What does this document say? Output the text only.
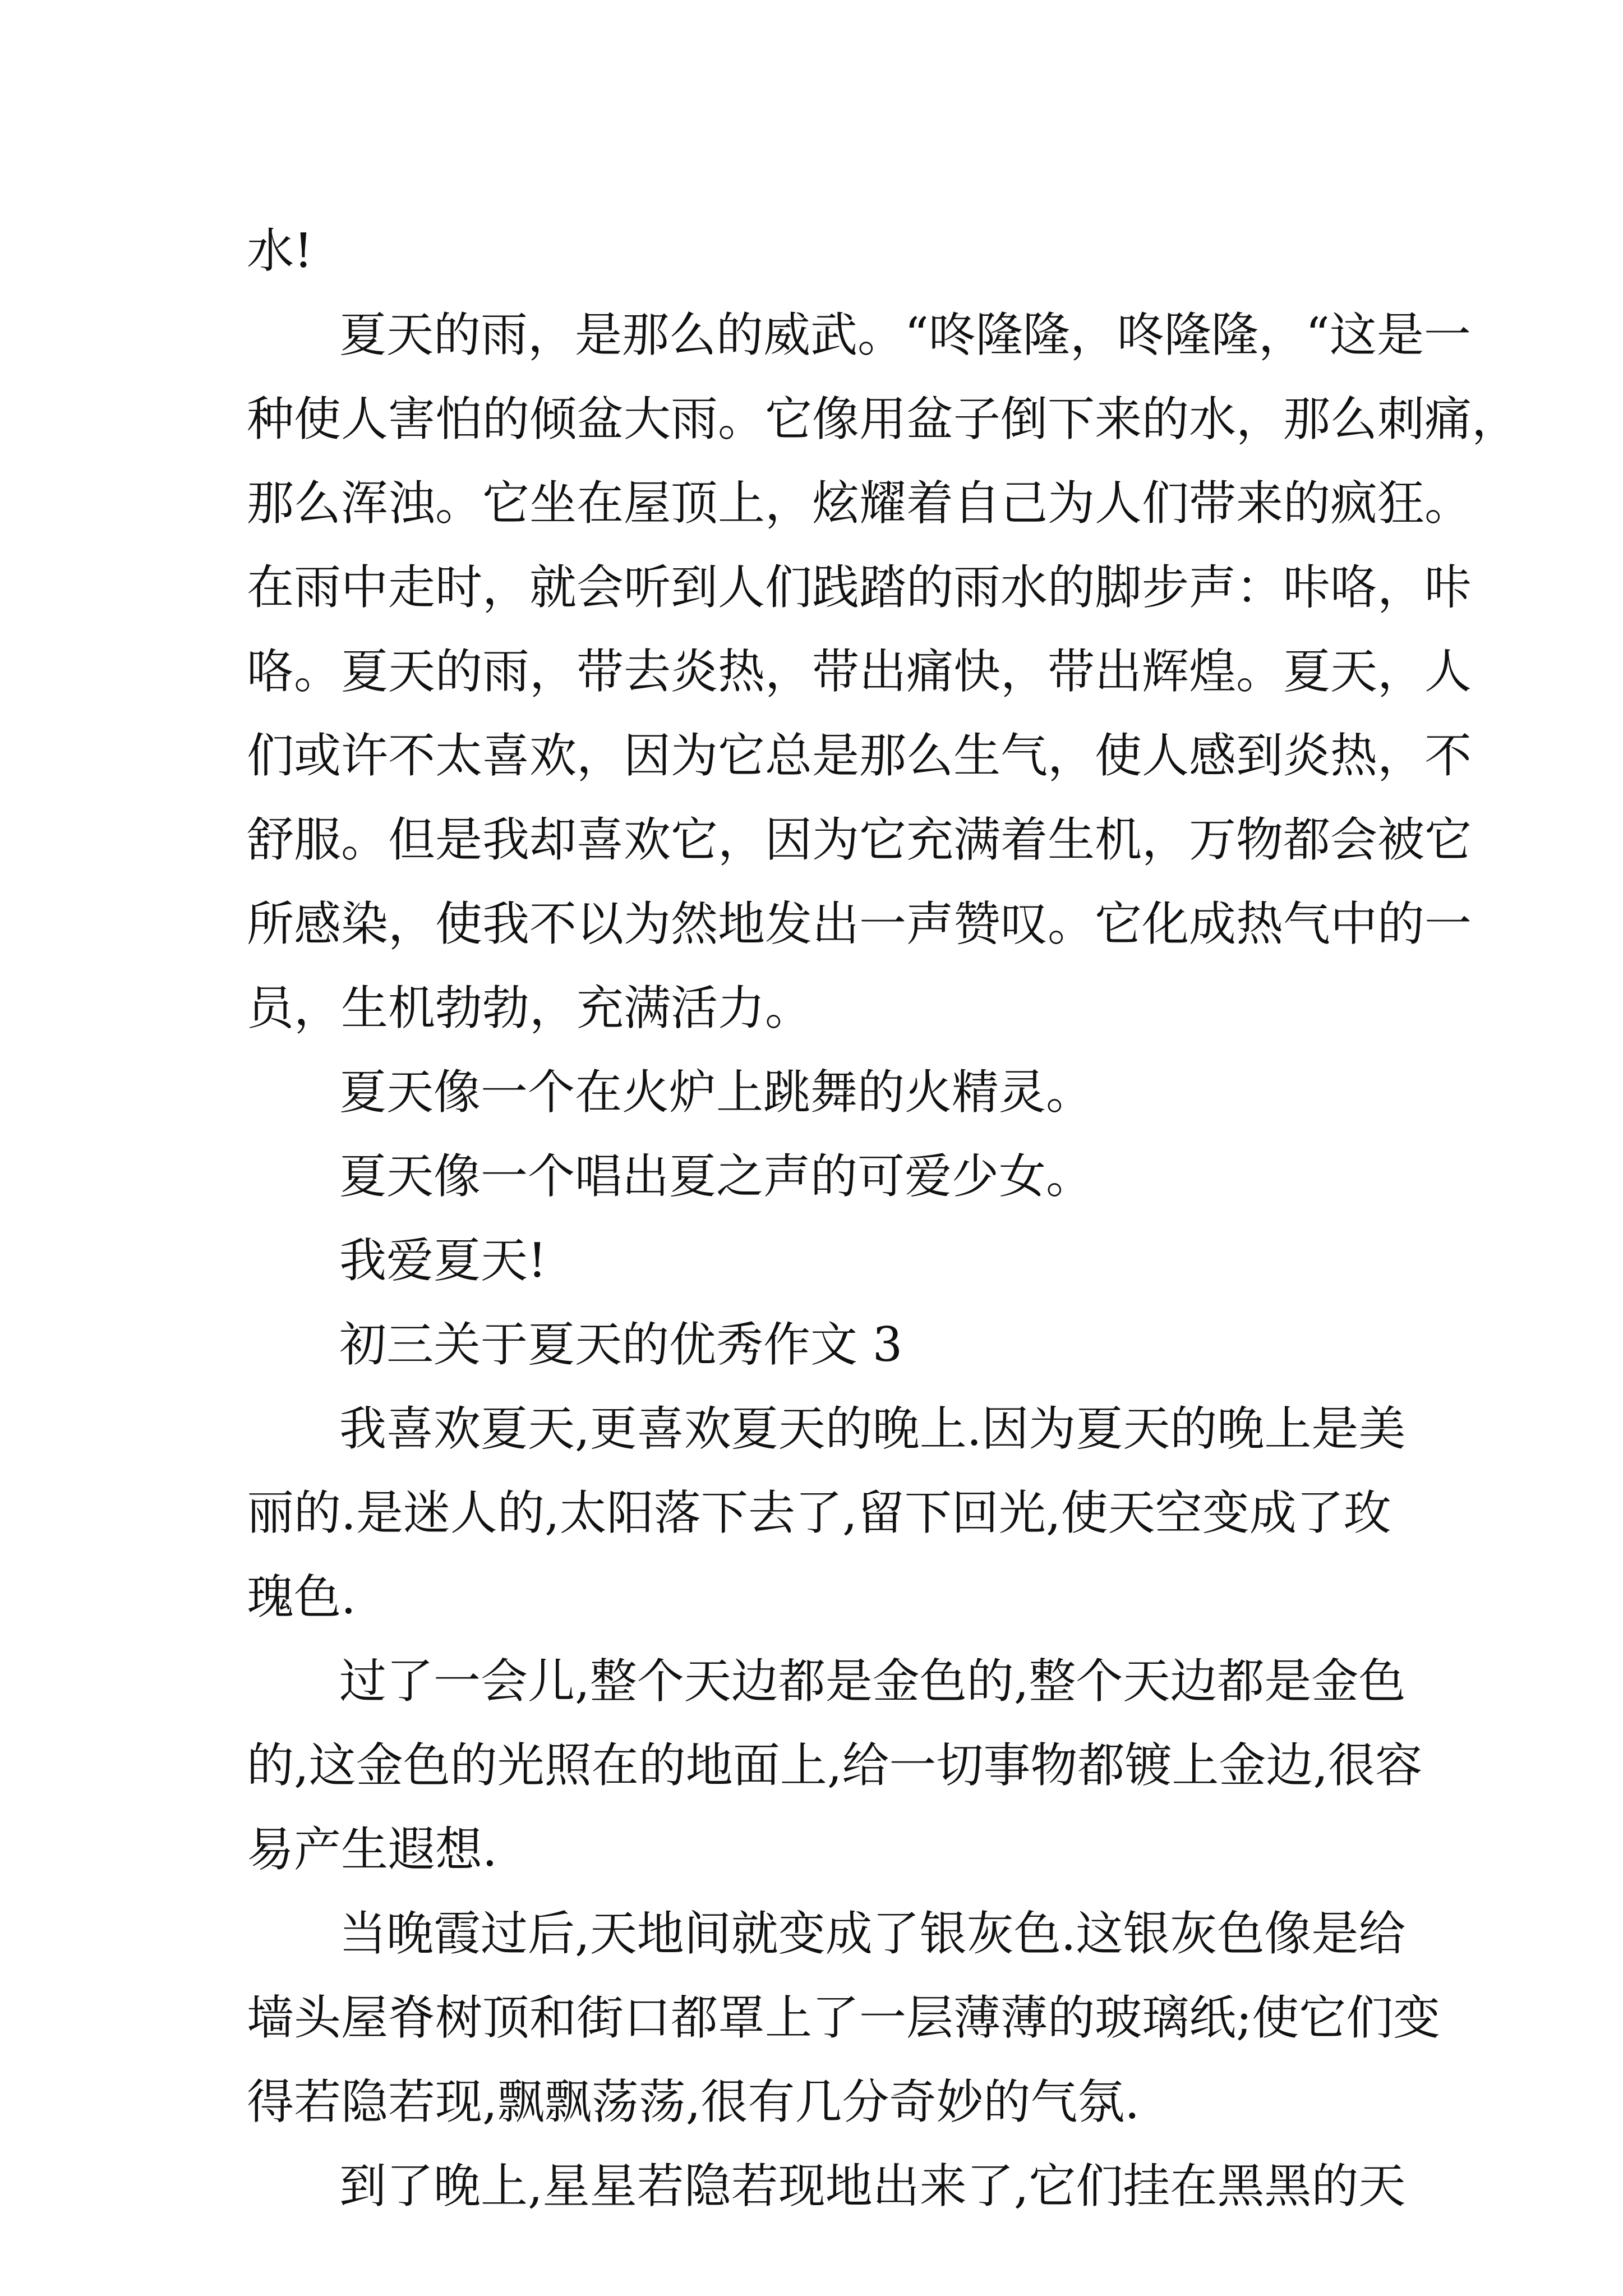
水!
夏天的雨，是那么的威武。“咚隆隆，咚隆隆，“这是一
种使人害怕的倾盆大雨。它像用盆子倒下来的水，那么刺痛，
那么浑浊。它坐在屋顶上，炫耀着自己为人们带来的疯狂。
在雨中走时，就会听到人们践踏的雨水的脚步声：咔咯，咔
咯。夏天的雨，带去炎热，带出痛快，带出辉煌。夏天，人
们或许不太喜欢，因为它总是那么生气，使人感到炎热，不
舒服。但是我却喜欢它，因为它充满着生机，万物都会被它
所感染，使我不以为然地发出一声赞叹。它化成热气中的一
员，生机勃勃，充满活力。
夏天像一个在火炉上跳舞的火精灵。
夏天像一个唱出夏之声的可爱少女。
我爱夏天!
初三关于夏天的优秀作文 3
我喜欢夏天,更喜欢夏天的晚上.因为夏天的晚上是美
丽的.是迷人的,太阳落下去了,留下回光,使天空变成了玫
瑰色.
过了一会儿,整个天边都是金色的,整个天边都是金色
的,这金色的光照在的地面上,给一切事物都镀上金边,很容
易产生遐想.
当晚霞过后,天地间就变成了银灰色.这银灰色像是给
墙头屋脊树顶和街口都罩上了一层薄薄的玻璃纸;使它们变
得若隐若现,飘飘荡荡,很有几分奇妙的气氛.
到了晚上,星星若隐若现地出来了,它们挂在黑黑的天
